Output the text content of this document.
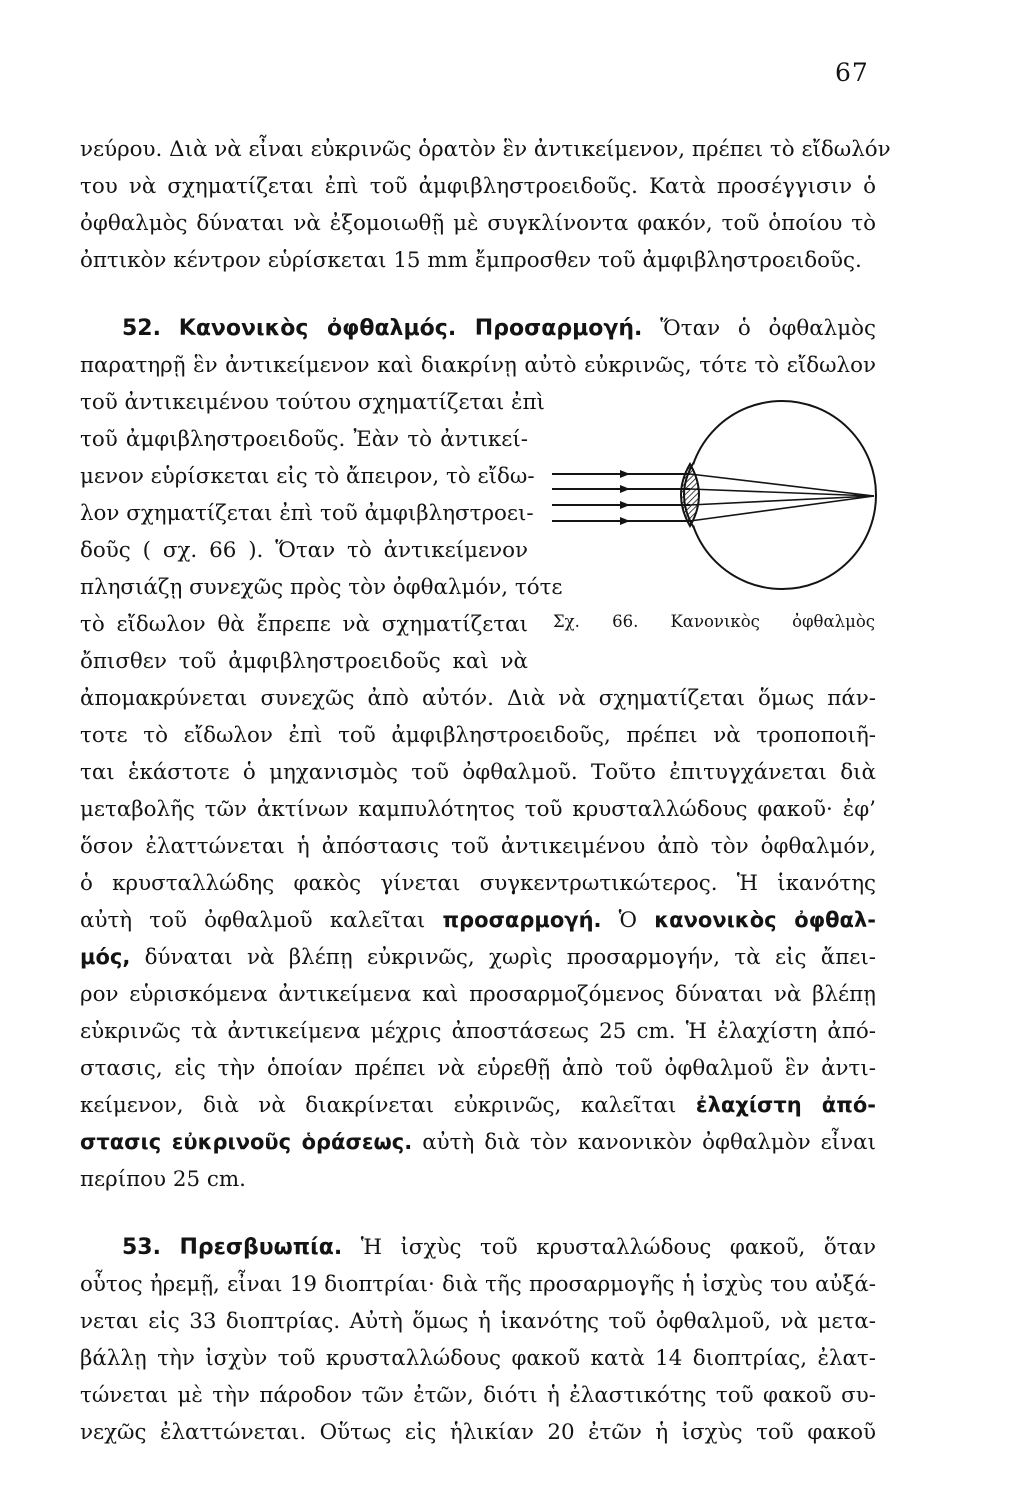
67
νεύρου. Διὰ νὰ εἶναι εὐκρινῶς ὁρατὸν ἓν ἀντικείμενον, πρέπει τὸ εἴδωλόν
του νὰ σχηματίζεται ἐπὶ τοῦ ἀμφιβληστροειδοῦς. Κατὰ προσέγγισιν ὁ
ὀφθαλμὸς δύναται νὰ ἐξομοιωθῇ μὲ συγκλίνοντα φακόν, τοῦ ὁποίου τὸ
ὀπτικὸν κέντρον εὑρίσκεται 15 mm ἔμπροσθεν τοῦ ἀμφιβληστροειδοῦς.
52. Κανονικὸς ὀφθαλμός. Προσαρμογή. Ὅταν ὁ ὀφθαλμὸς
παρατηρῇ ἓν ἀντικείμενον καὶ διακρίνῃ αὐτὸ εὐκρινῶς, τότε τὸ εἴδωλον
τοῦ ἀντικειμένου τούτου σχηματίζεται ἐπὶ
τοῦ ἀμφιβληστροειδοῦς. Ἐὰν τὸ ἀντικεί-
μενον εὑρίσκεται εἰς τὸ ἄπειρον, τὸ εἴδω-
λον σχηματίζεται ἐπὶ τοῦ ἀμφιβληστροει-
δοῦς ( σχ. 66 ). Ὅταν τὸ ἀντικείμενον
πλησιάζῃ συνεχῶς πρὸς τὸν ὀφθαλμόν, τότε
τὸ εἴδωλον θὰ ἔπρεπε νὰ σχηματίζεται
ὄπισθεν τοῦ ἀμφιβληστροειδοῦς καὶ νὰ
ἀπομακρύνεται συνεχῶς ἀπὸ αὐτόν. Διὰ νὰ σχηματίζεται ὅμως πάν-
τοτε τὸ εἴδωλον ἐπὶ τοῦ ἀμφιβληστροειδοῦς, πρέπει νὰ τροποποιῆ-
ται ἑκάστοτε ὁ μηχανισμὸς τοῦ ὀφθαλμοῦ. Τοῦτο ἐπιτυγχάνεται διὰ
μεταβολῆς τῶν ἀκτίνων καμπυλότητος τοῦ κρυσταλλώδους φακοῦ· ἐφ’
ὅσον ἐλαττώνεται ἡ ἀπόστασις τοῦ ἀντικειμένου ἀπὸ τὸν ὀφθαλμόν,
ὁ κρυσταλλώδης φακὸς γίνεται συγκεντρωτικώτερος. Ἡ ἱκανότης
αὐτὴ τοῦ ὀφθαλμοῦ καλεῖται προσαρμογή. Ὁ κανονικὸς ὀφθαλ-
μός, δύναται νὰ βλέπῃ εὐκρινῶς, χωρὶς προσαρμογήν, τὰ εἰς ἄπει-
ρον εὑρισκόμενα ἀντικείμενα καὶ προσαρμοζόμενος δύναται νὰ βλέπῃ
εὐκρινῶς τὰ ἀντικείμενα μέχρις ἀποστάσεως 25 cm. Ἡ ἐλαχίστη ἀπό-
στασις, εἰς τὴν ὁποίαν πρέπει νὰ εὑρεθῇ ἀπὸ τοῦ ὀφθαλμοῦ ἓν ἀντι-
κείμενον, διὰ νὰ διακρίνεται εὐκρινῶς, καλεῖται ἐλαχίστη ἀπό-
στασις εὐκρινοῦς ὁράσεως. αὐτὴ διὰ τὸν κανονικὸν ὀφθαλμὸν εἶναι
περίπου 25 cm.
Σχ. 66. Κανονικὸς ὀφθαλμὸς
53. Πρεσβυωπία. Ἡ ἰσχὺς τοῦ κρυσταλλώδους φακοῦ, ὅταν
οὗτος ἠρεμῇ, εἶναι 19 διοπτρίαι· διὰ τῆς προσαρμογῆς ἡ ἰσχὺς του αὐξά-
νεται εἰς 33 διοπτρίας. Αὐτὴ ὅμως ἡ ἱκανότης τοῦ ὀφθαλμοῦ, νὰ μετα-
βάλλῃ τὴν ἰσχὺν τοῦ κρυσταλλώδους φακοῦ κατὰ 14 διοπτρίας, ἐλατ-
τώνεται μὲ τὴν πάροδον τῶν ἐτῶν, διότι ἡ ἐλαστικότης τοῦ φακοῦ συ-
νεχῶς ἐλαττώνεται. Οὕτως εἰς ἡλικίαν 20 ἐτῶν ἡ ἰσχὺς τοῦ φακοῦ
